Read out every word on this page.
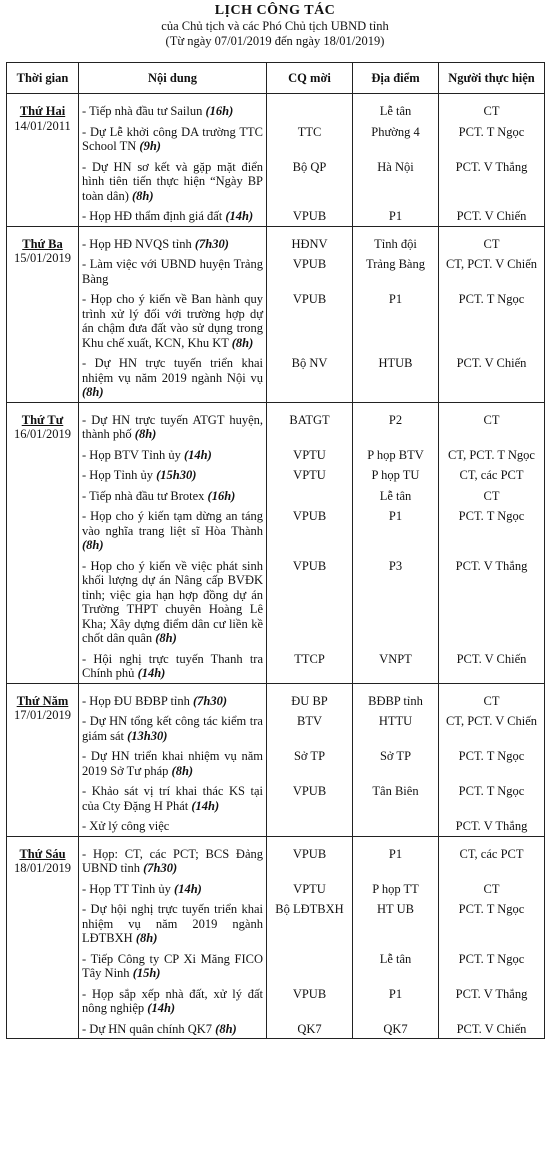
LỊCH CÔNG TÁC
của Chủ tịch và các Phó Chủ tịch UBND tỉnh
(Từ ngày 07/01/2019 đến ngày 18/01/2019)
Thời gian	Nội dung	CQ mời	Địa điểm	Người thực hiện

Thứ Hai
14/01/2011	- Tiếp nhà đầu tư Sailun (16h)		Lễ tân	CT
	- Dự Lễ khởi công DA trường TTC School TN (9h)	TTC	Phường 4	PCT. T Ngọc
	- Dự HN sơ kết và gặp mặt điển hình tiên tiến thực hiện “Ngày BP toàn dân) (8h)	Bộ QP	Hà Nội	PCT. V Thắng
	- Họp HĐ thẩm định giá đất (14h)	VPUB	P1	PCT. V Chiến

Thứ Ba
15/01/2019	- Họp HĐ NVQS tỉnh (7h30)	HĐNV	Tỉnh đội	CT
	- Làm việc với UBND huyện Trảng Bàng	VPUB	Trảng Bàng	CT, PCT. V Chiến
	- Họp cho ý kiến về Ban hành quy trình xử lý đối với trường hợp dự án chậm đưa đất vào sử dụng trong Khu chế xuất, KCN, Khu KT (8h)	VPUB	P1	PCT. T Ngọc
	- Dự HN trực tuyến triển khai nhiệm vụ năm 2019 ngành Nội vụ (8h)	Bộ NV	HTUB	PCT. V Chiến

Thứ Tư
16/01/2019	- Dự HN trực tuyến ATGT huyện, thành phố (8h)	BATGT	P2	CT
	- Họp BTV Tỉnh ủy (14h)	VPTU	P họp BTV	CT, PCT. T Ngọc
	- Họp Tỉnh ủy (15h30)	VPTU	P họp TU	CT, các PCT
	- Tiếp nhà đầu tư Brotex (16h)		Lễ tân	CT
	- Họp cho ý kiến tạm dừng an táng vào nghĩa trang liệt sĩ Hòa Thành (8h)	VPUB	P1	PCT. T Ngọc
	- Họp cho ý kiến về việc phát sinh khối lượng dự án Nâng cấp BVĐK tỉnh; việc gia hạn hợp đồng dự án Trường THPT chuyên Hoàng Lê Kha; Xây dựng điểm dân cư liền kề chốt dân quân (8h)	VPUB	P3	PCT. V Thắng
	- Hội nghị trực tuyến Thanh tra Chính phủ (14h)	TTCP	VNPT	PCT. V Chiến

Thứ Năm
17/01/2019	- Họp ĐU BĐBP tỉnh (7h30)	ĐU BP	BĐBP tỉnh	CT
	- Dự HN tổng kết công tác kiểm tra giám sát (13h30)	BTV	HTTU	CT, PCT. V Chiến
	- Dự HN triển khai nhiệm vụ năm 2019 Sở Tư pháp (8h)	Sở TP	Sở TP	PCT. T Ngọc
	- Khảo sát vị trí khai thác KS tại của Cty Đặng H Phát (14h)	VPUB	Tân Biên	PCT. T Ngọc
	- Xử lý công việc			PCT. V Thắng

Thứ Sáu
18/01/2019	- Họp: CT, các PCT; BCS Đảng UBND tỉnh (7h30)	VPUB	P1	CT, các PCT
	- Họp TT Tỉnh ủy (14h)	VPTU	P họp TT	CT
	- Dự hội nghị trực tuyến triển khai nhiệm vụ năm 2019 ngành LĐTBXH (8h)	Bộ LĐTBXH	HT UB	PCT. T Ngọc
	- Tiếp Công ty CP Xi Măng FICO Tây Ninh (15h)		Lễ tân	PCT. T Ngọc
	- Họp sắp xếp nhà đất, xử lý đất nông nghiệp (14h)	VPUB	P1	PCT. V Thắng
	- Dự HN quân chính QK7 (8h)	QK7	QK7	PCT. V Chiến
